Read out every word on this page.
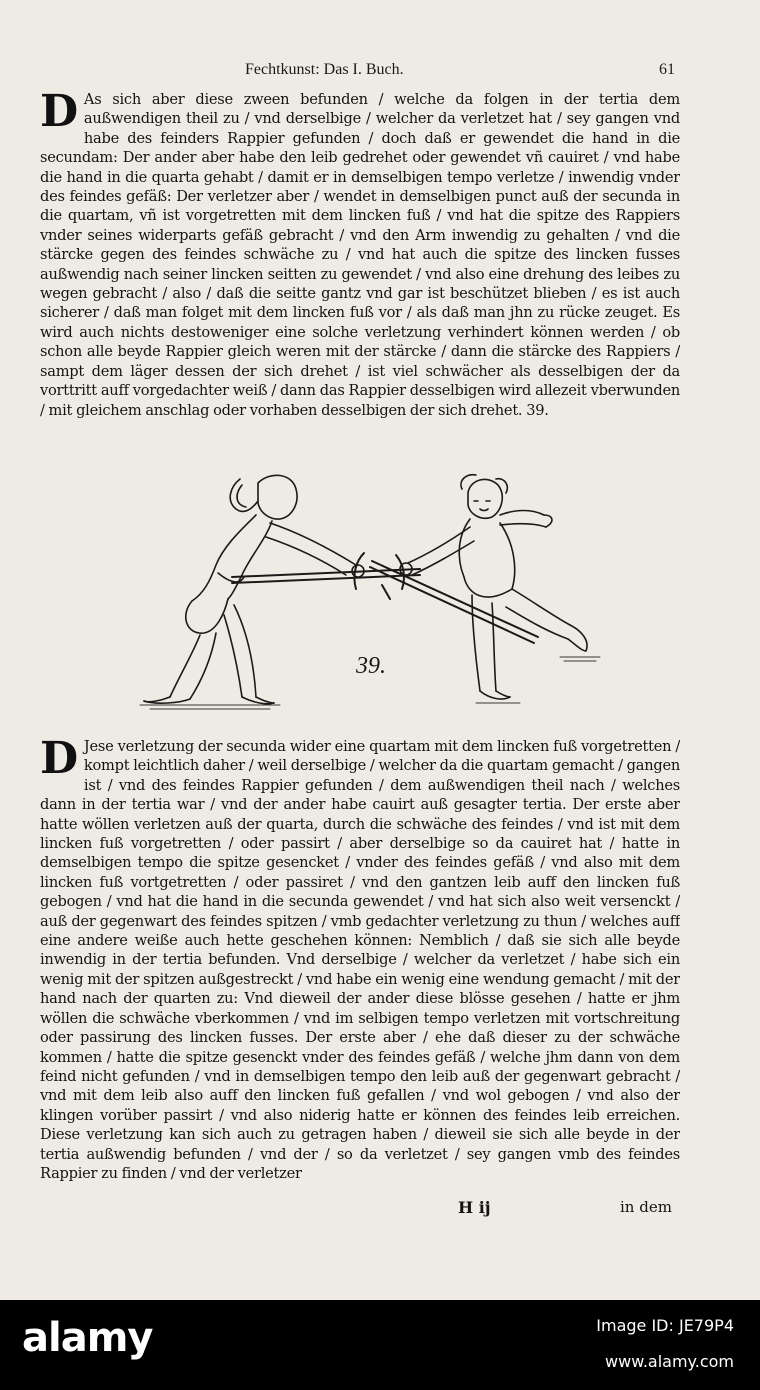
Fechtkunst: Das I. Buch.	61

D As sich aber diese zween befunden / welche da folgen in der tertia dem außwendigen theil zu / vnd derselbige / welcher da verletzet hat / sey gangen vnd habe des feinders Rappier gefunden / doch daß er gewendet die hand in die secundam: Der ander aber habe den leib gedrehet oder gewendet vñ cauiret / vnd habe die hand in die quarta gehabt / damit er in demselbigen tempo verletze / inwendig vnder des feindes gefäß: Der verletzer aber / wendet in demselbigen punct auß der secunda in die quartam, vñ ist vorgetretten mit dem lincken fuß / vnd hat die spitze des Rappiers vnder seines widerparts gefäß gebracht / vnd den Arm inwendig zu gehalten / vnd die stärcke gegen des feindes schwäche zu / vnd hat auch die spitze des lincken fusses außwendig nach seiner lincken seitten zu gewendet / vnd also eine drehung des leibes zu wegen gebracht / also / daß die seitte gantz vnd gar ist beschützet blieben / es ist auch sicherer / daß man folget mit dem lincken fuß vor / als daß man jhn zu rücke zeuget. Es wird auch nichts destoweniger eine solche verletzung verhindert können werden / ob schon alle beyde Rappier gleich weren mit der stärcke / dann die stärcke des Rappiers / sampt dem läger dessen der sich drehet / ist viel schwächer als desselbigen der da vorttritt auff vorgedachter weiß / dann das Rappier desselbigen wird allezeit vberwunden / mit gleichem anschlag oder vorhaben desselbigen der sich drehet. 39.

39.

D Jese verletzung der secunda wider eine quartam mit dem lincken fuß vorgetretten / kompt leichtlich daher / weil derselbige / welcher da die quartam gemacht / gangen ist / vnd des feindes Rappier gefunden / dem außwendigen theil nach / welches dann in der tertia war / vnd der ander habe cauirt auß gesagter tertia. Der erste aber hatte wöllen verletzen auß der quarta, durch die schwäche des feindes / vnd ist mit dem lincken fuß vorgetretten / oder passirt / aber derselbige so da cauiret hat / hatte in demselbigen tempo die spitze gesencket / vnder des feindes gefäß / vnd also mit dem lincken fuß vortgetretten / oder passiret / vnd den gantzen leib auff den lincken fuß gebogen / vnd hat die hand in die secunda gewendet / vnd hat sich also weit versenckt / auß der gegenwart des feindes spitzen / vmb gedachter verletzung zu thun / welches auff eine andere weiße auch hette geschehen können: Nemblich / daß sie sich alle beyde inwendig in der tertia befunden. Vnd derselbige / welcher da verletzet / habe sich ein wenig mit der spitzen außgestreckt / vnd habe ein wenig eine wendung gemacht / mit der hand nach der quarten zu: Vnd dieweil der ander diese blösse gesehen / hatte er jhm wöllen die schwäche vberkommen / vnd im selbigen tempo verletzen mit vortschreitung oder passirung des lincken fusses. Der erste aber / ehe daß dieser zu der schwäche kommen / hatte die spitze gesenckt vnder des feindes gefäß / welche jhm dann von dem feind nicht gefunden / vnd in demselbigen tempo den leib auß der gegenwart gebracht / vnd mit dem leib also auff den lincken fuß gefallen / vnd wol gebogen / vnd also der klingen vorüber passirt / vnd also niderig hatte er können des feindes leib erreichen. Diese verletzung kan sich auch zu getragen haben / dieweil sie sich alle beyde in der tertia außwendig befunden / vnd der / so da verletzet / sey gangen vmb des feindes Rappier zu finden / vnd der verletzer

H ij	in dem
alamy	Image ID: JE79P4
www.alamy.com
